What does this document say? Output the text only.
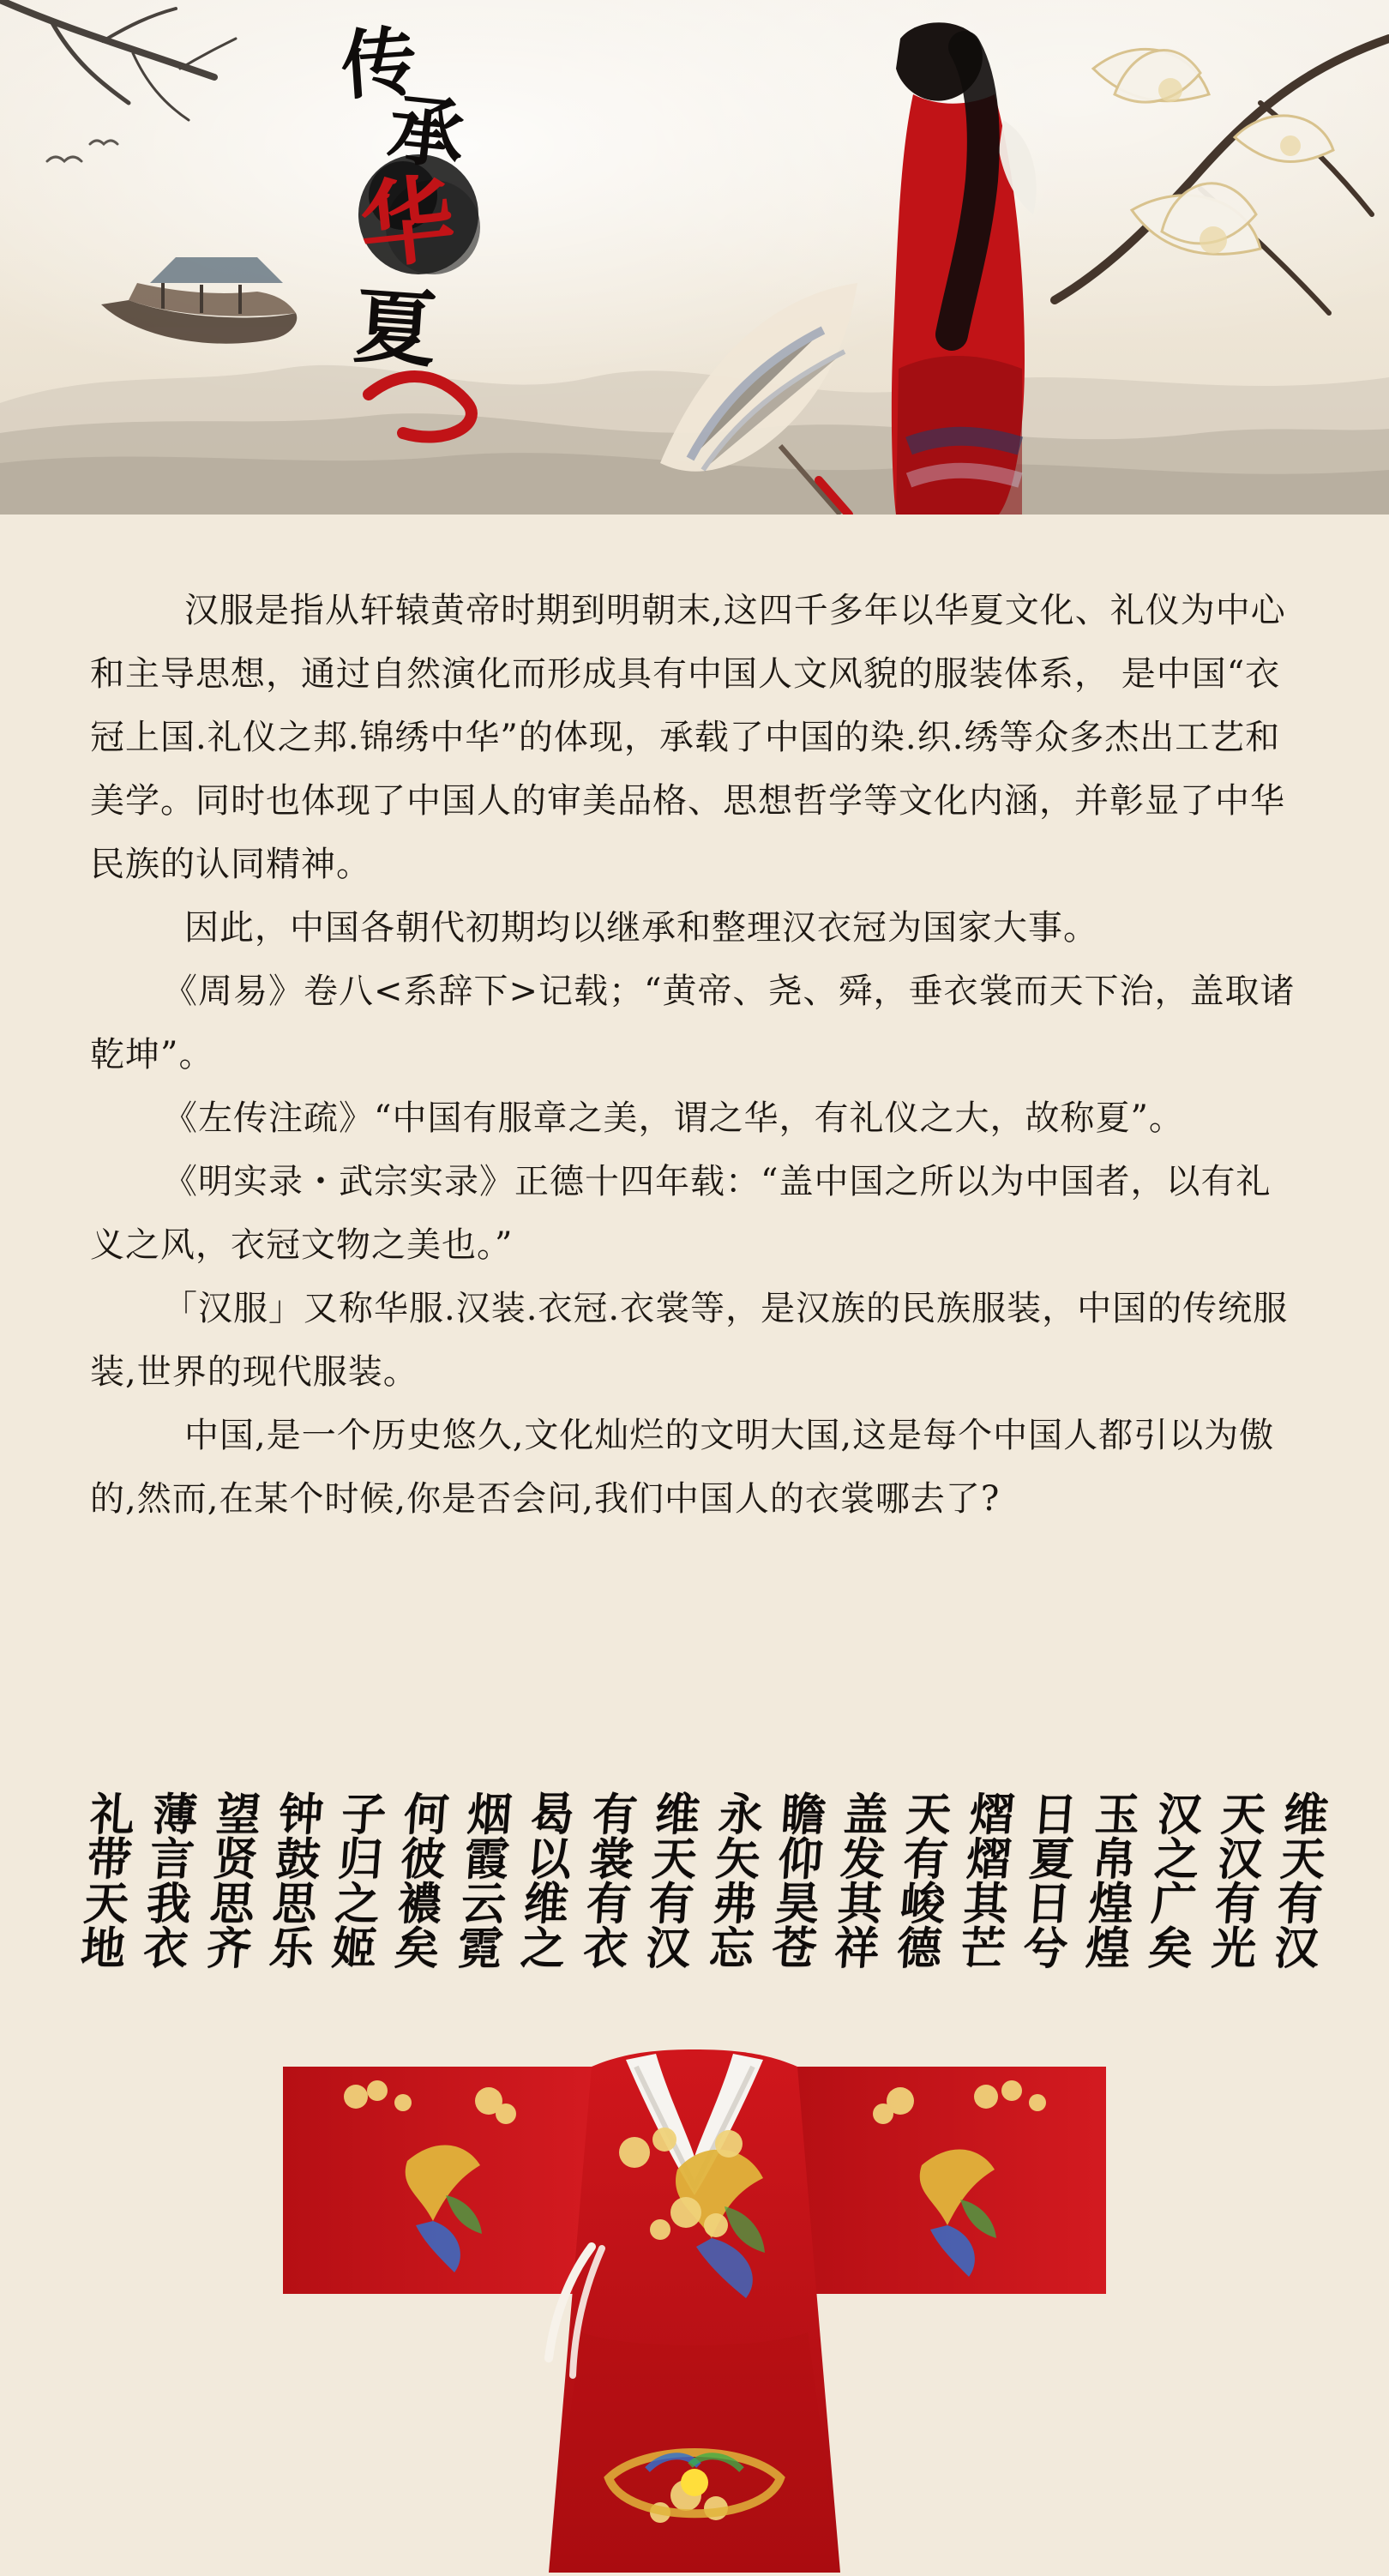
传
承
华
夏

汉服是指从轩辕黄帝时期到明朝末,这四千多年以华夏文化、礼仪为中心和主导思想，通过自然演化而形成具有中国人文风貌的服装体系， 是中国“衣冠上国.礼仪之邦.锦绣中华”的体现，承载了中国的染.织.绣等众多杰出工艺和美学。同时也体现了中国人的审美品格、思想哲学等文化内涵，并彰显了中华民族的认同精神。

因此，中国各朝代初期均以继承和整理汉衣冠为国家大事。

《周易》卷八<系辞下>记载；“黄帝、尧、舜，垂衣裳而天下治，盖取诸乾坤”。

《左传注疏》“中国有服章之美，谓之华，有礼仪之大，故称夏”。

《明实录・武宗实录》正德十四年载：“盖中国之所以为中国者，以有礼义之风，衣冠文物之美也。”

「汉服」又称华服.汉装.衣冠.衣裳等，是汉族的民族服装，中国的传统服装,世界的现代服装。

中国,是一个历史悠久,文化灿烂的文明大国,这是每个中国人都引以为傲的,然而,在某个时候,你是否会问,我们中国人的衣裳哪去了?

维天有汉
天汉有光
汉之广矣
玉帛煌煌
日夏日兮
熠熠其芒
天有峻德
盖发其祥
瞻仰昊苍
永矢弗忘
维天有汉
有裳有衣
曷以维之
烟霞云霓
何彼襛矣
子归之姬
钟鼓思乐
望贤思齐
薄言我衣
礼带天地
